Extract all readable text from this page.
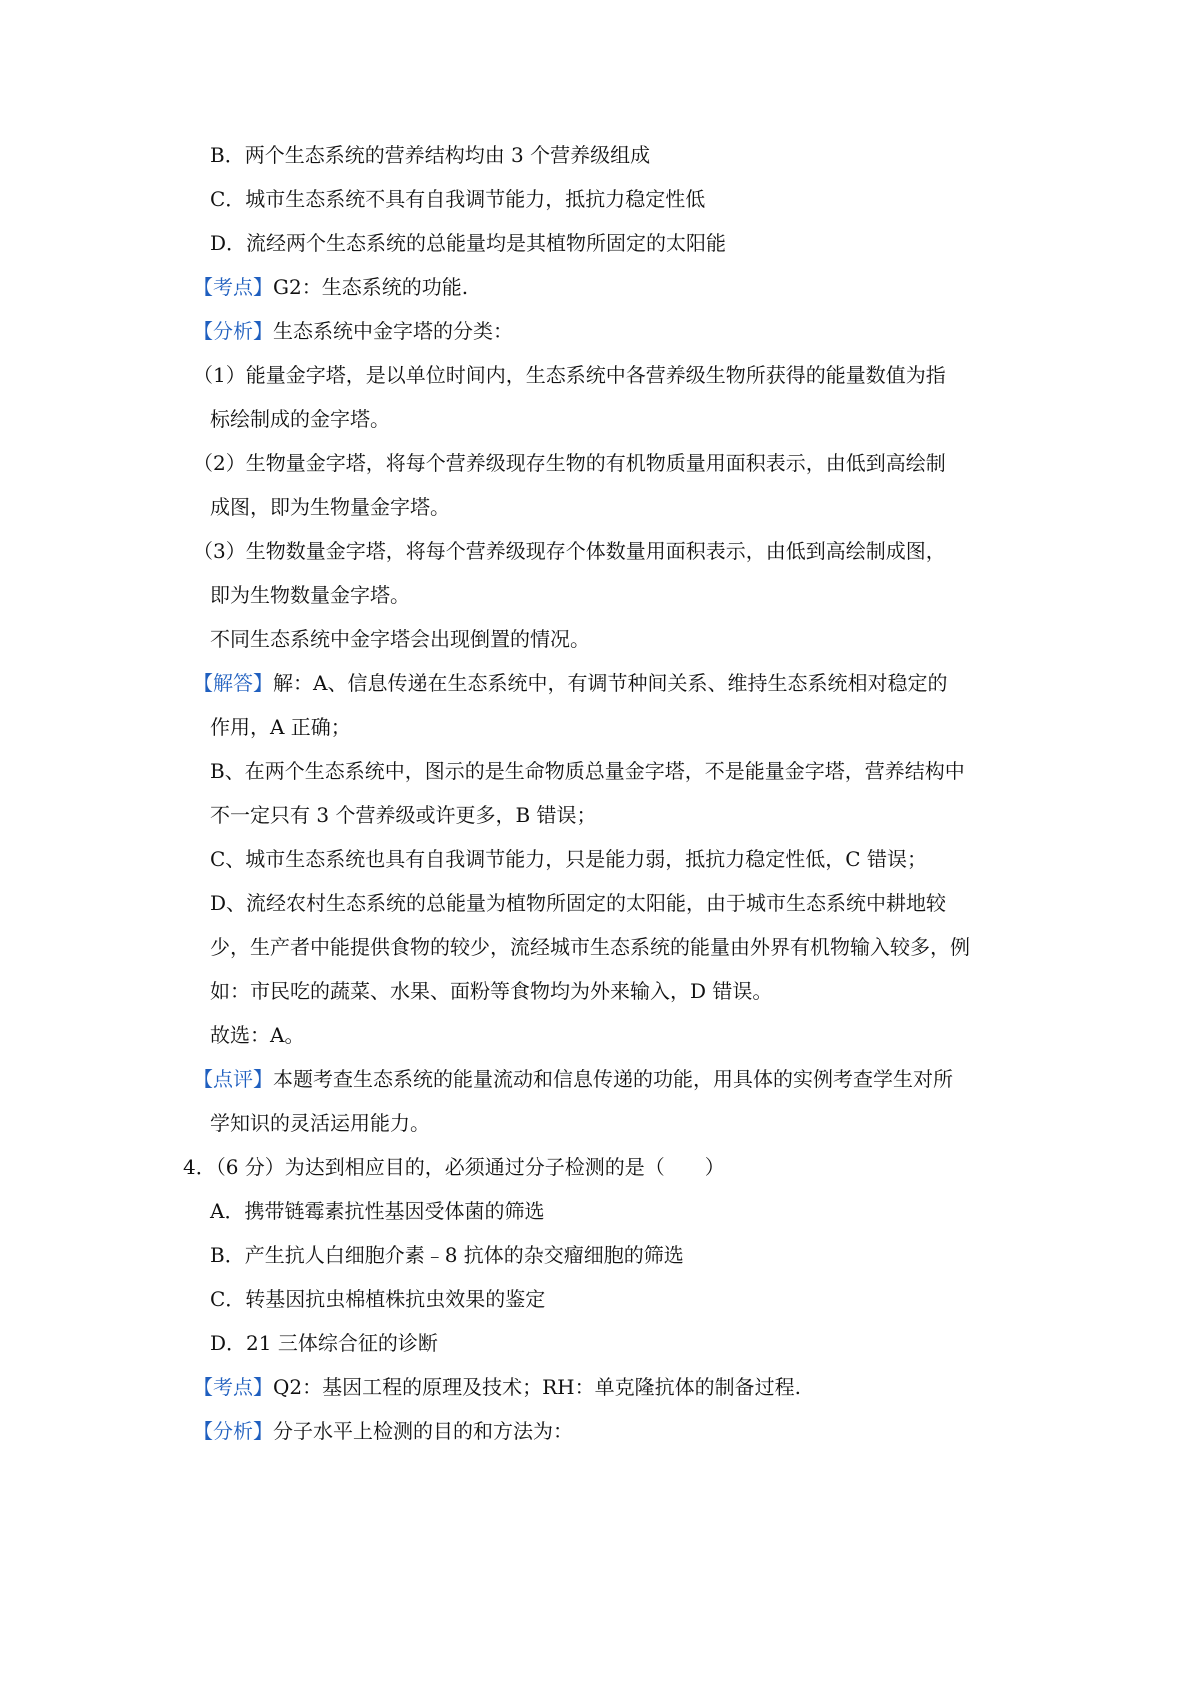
B．两个生态系统的营养结构均由 3 个营养级组成
C．城市生态系统不具有自我调节能力，抵抗力稳定性低
D．流经两个生态系统的总能量均是其植物所固定的太阳能
【考点】G2：生态系统的功能.
【分析】生态系统中金字塔的分类：
（1）能量金字塔，是以单位时间内，生态系统中各营养级生物所获得的能量数值为指
标绘制成的金字塔。
（2）生物量金字塔，将每个营养级现存生物的有机物质量用面积表示，由低到高绘制
成图，即为生物量金字塔。
（3）生物数量金字塔，将每个营养级现存个体数量用面积表示，由低到高绘制成图，
即为生物数量金字塔。
不同生态系统中金字塔会出现倒置的情况。
【解答】解：A、信息传递在生态系统中，有调节种间关系、维持生态系统相对稳定的
作用，A 正确；
B、在两个生态系统中，图示的是生命物质总量金字塔，不是能量金字塔，营养结构中
不一定只有 3 个营养级或许更多，B 错误；
C、城市生态系统也具有自我调节能力，只是能力弱，抵抗力稳定性低，C 错误；
D、流经农村生态系统的总能量为植物所固定的太阳能，由于城市生态系统中耕地较
少，生产者中能提供食物的较少，流经城市生态系统的能量由外界有机物输入较多，例
如：市民吃的蔬菜、水果、面粉等食物均为外来输入，D 错误。
故选：A。
【点评】本题考查生态系统的能量流动和信息传递的功能，用具体的实例考查学生对所
学知识的灵活运用能力。
4．（6 分）为达到相应目的，必须通过分子检测的是（　　）
A．携带链霉素抗性基因受体菌的筛选
B．产生抗人白细胞介素﹣8 抗体的杂交瘤细胞的筛选
C．转基因抗虫棉植株抗虫效果的鉴定
D．21 三体综合征的诊断
【考点】Q2：基因工程的原理及技术；RH：单克隆抗体的制备过程.
【分析】分子水平上检测的目的和方法为：
